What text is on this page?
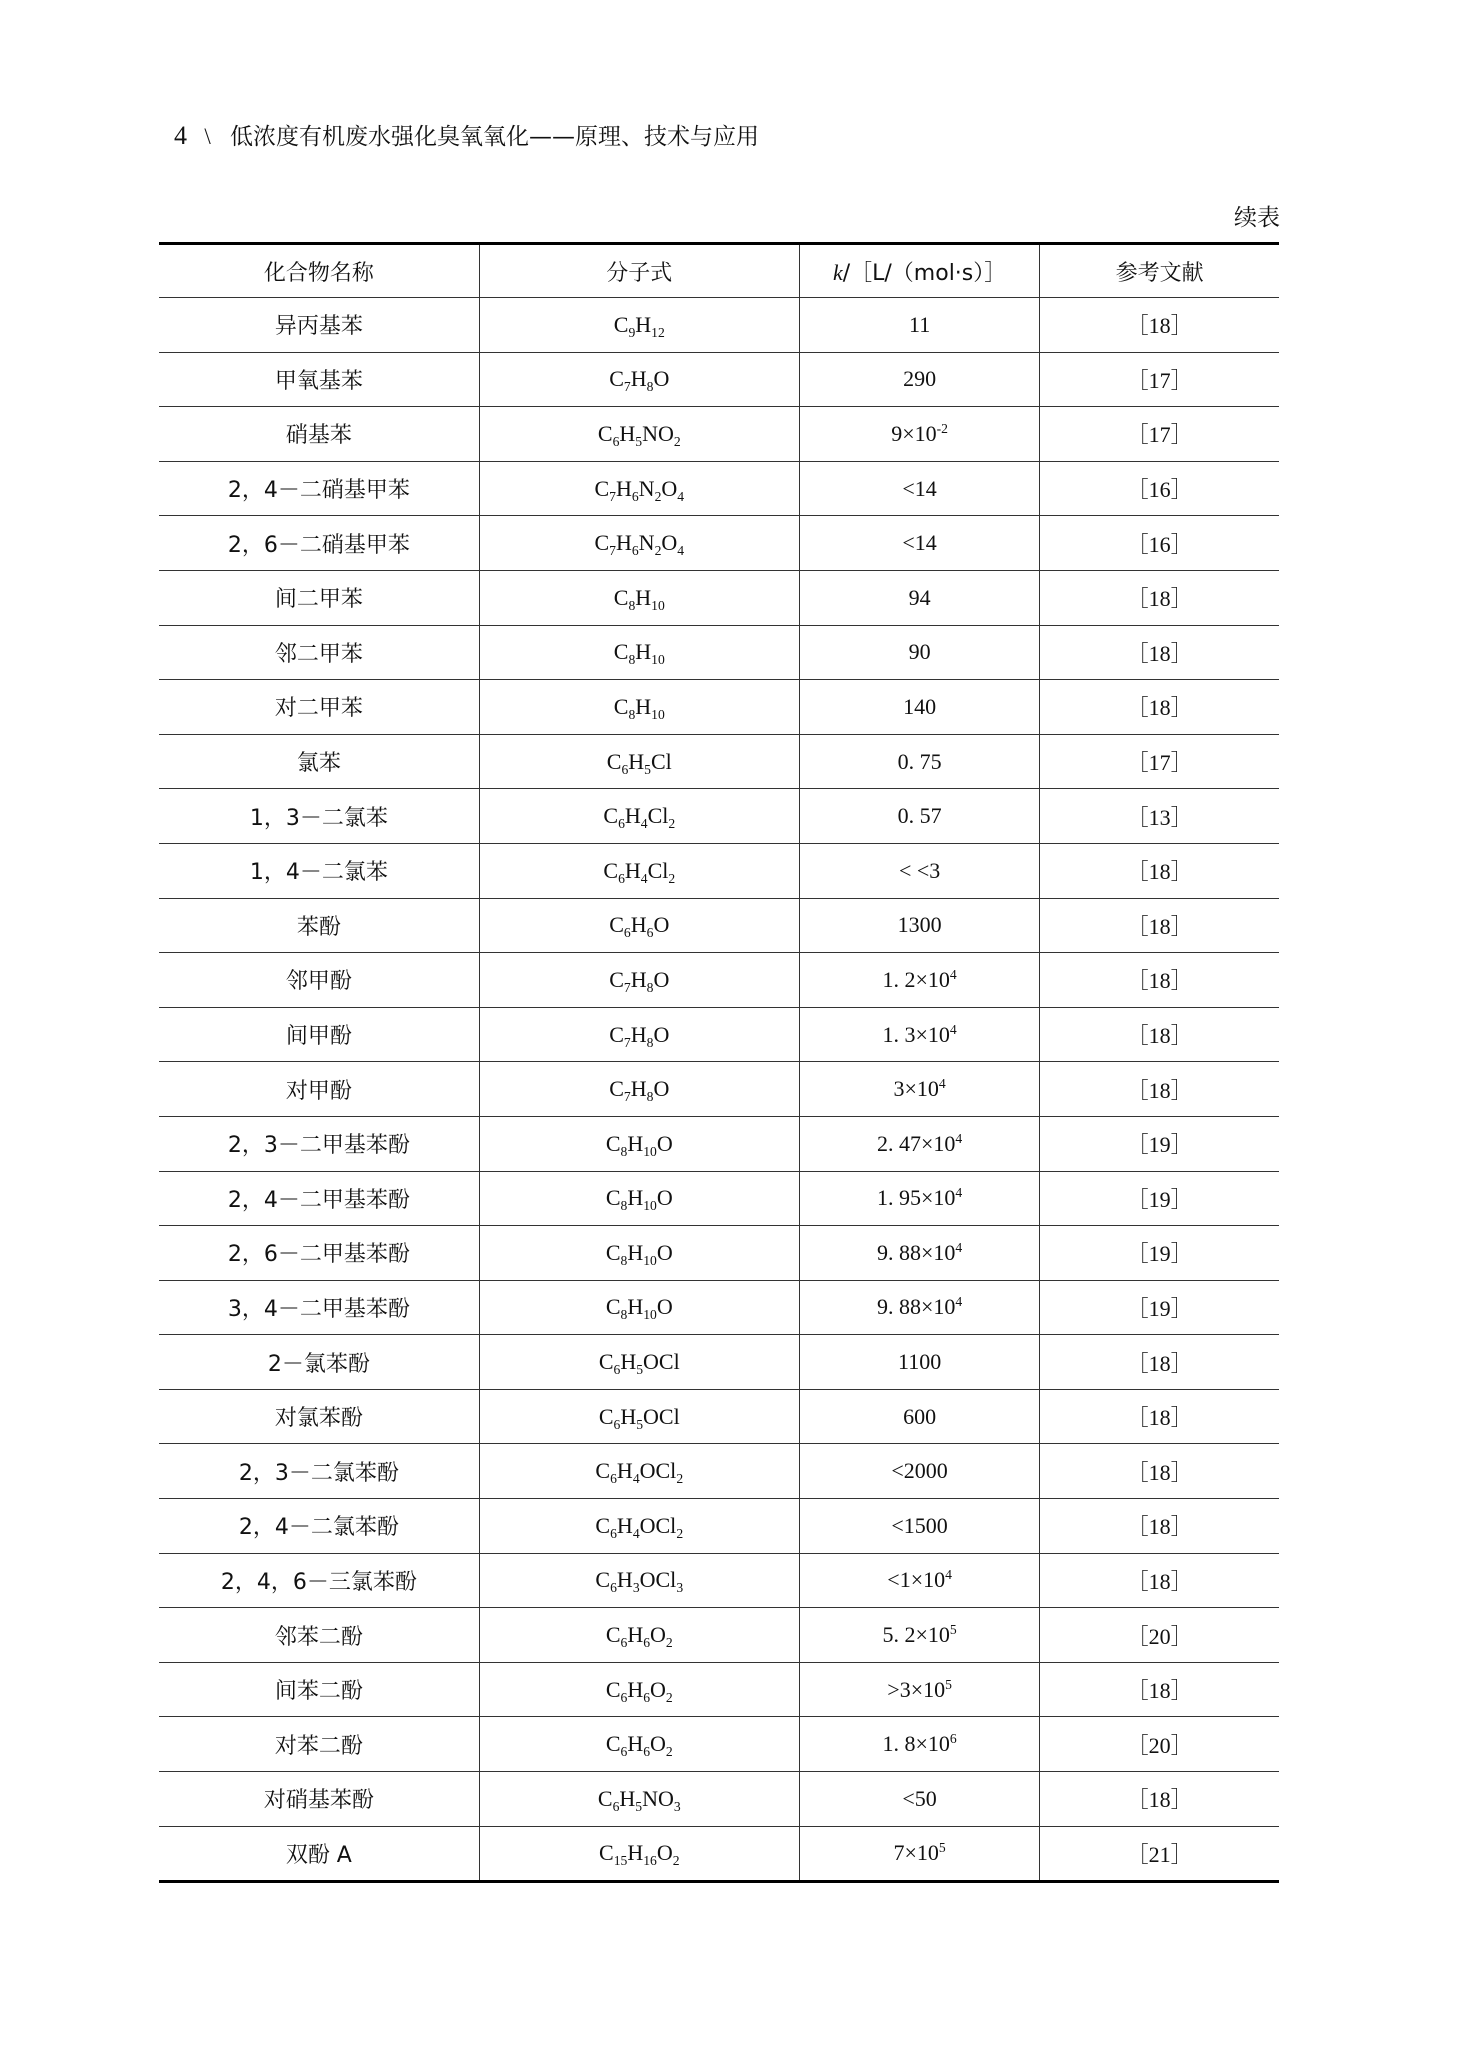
4 \ 低浓度有机废水强化臭氧氧化——原理、技术与应用
续表
化合物名称	分子式	k/［L/（mol·s）］	参考文献
异丙基苯	$C_9H_{12}$	11	［18］
甲氧基苯	$C_7H_8O$	290	［17］
硝基苯	$C_6H_5NO_2$	$9\times 10^{-2}$	［17］
2，4－二硝基甲苯	$C_7H_6N_2O_4$	<14	［16］
2，6－二硝基甲苯	$C_7H_6N_2O_4$	<14	［16］
间二甲苯	$C_8H_{10}$	94	［18］
邻二甲苯	$C_8H_{10}$	90	［18］
对二甲苯	$C_8H_{10}$	140	［18］
氯苯	$C_6H_5Cl$	0. 75	［17］
1，3－二氯苯	$C_6H_4Cl_2$	0. 57	［13］
1，4－二氯苯	$C_6H_4Cl_2$	< <3	［18］
苯酚	$C_6H_6O$	1300	［18］
邻甲酚	$C_7H_8O$	1. $2\times 10^4$	［18］
间甲酚	$C_7H_8O$	1. $3\times 10^4$	［18］
对甲酚	$C_7H_8O$	$3\times 10^4$	［18］
2，3－二甲基苯酚	$C_8H_{10}O$	2. $47\times 10^4$	［19］
2，4－二甲基苯酚	$C_8H_{10}O$	1. $95\times 10^4$	［19］
2，6－二甲基苯酚	$C_8H_{10}O$	9. $88\times 10^4$	［19］
3，4－二甲基苯酚	$C_8H_{10}O$	9. $88\times 10^4$	［19］
2－氯苯酚	$C_6H_5OCl$	1100	［18］
对氯苯酚	$C_6H_5OCl$	600	［18］
2，3－二氯苯酚	$C_6H_4OCl_2$	<2000	［18］
2，4－二氯苯酚	$C_6H_4OCl_2$	<1500	［18］
2，4，6－三氯苯酚	$C_6H_3OCl_3$	$<1\times 10^4$	［18］
邻苯二酚	$C_6H_6O_2$	5. $2\times 10^5$	［20］
间苯二酚	$C_6H_6O_2$	$>3\times 10^5$	［18］
对苯二酚	$C_6H_6O_2$	1. $8\times 10^6$	［20］
对硝基苯酚	$C_6H_5NO_3$	<50	［18］
双酚 A	$C_{15}H_{16}O_2$	$7\times 10^5$	［21］
